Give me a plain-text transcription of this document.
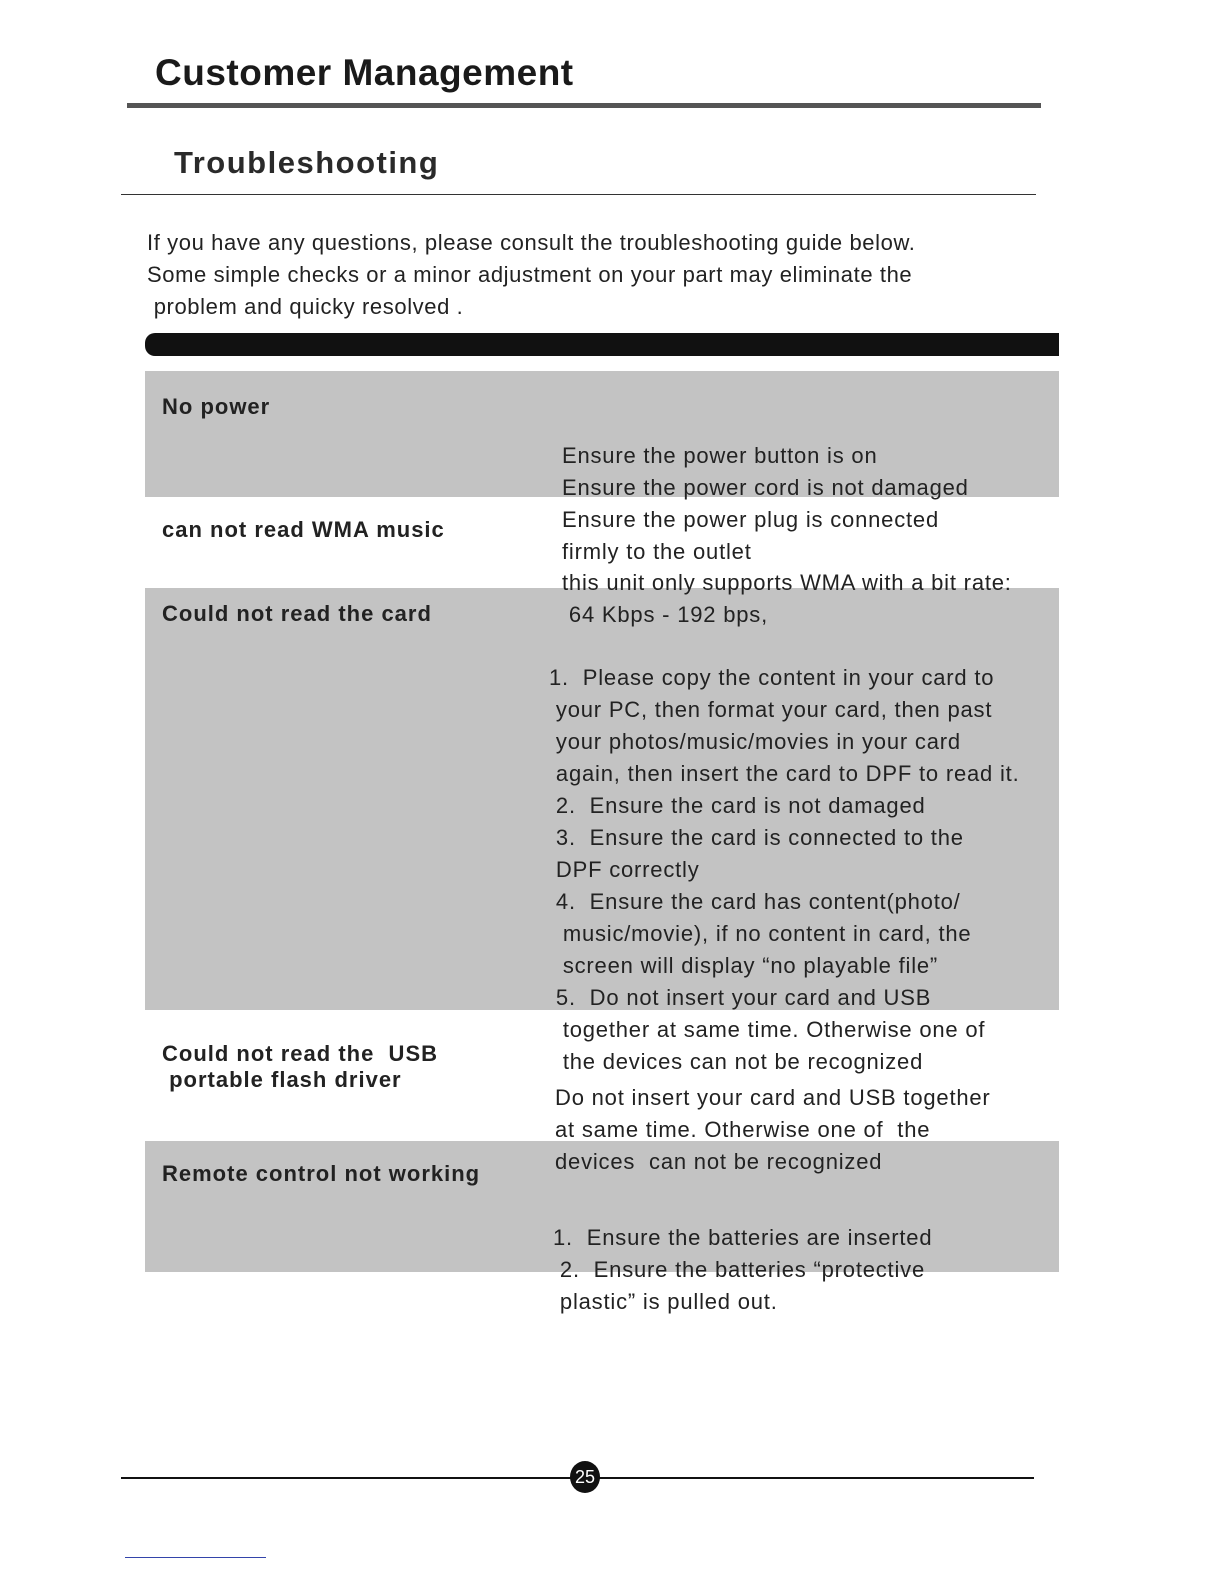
Customer Management
Troubleshooting
If you have any questions, please consult the troubleshooting guide below.
Some simple checks or a minor adjustment on your part may eliminate the
problem and quicky resolved .
No power

Ensure the power button is on
Ensure the power cord is not damaged
Ensure the power plug is connected
firmly to the outlet

can not read WMA music

this unit only supports WMA with a bit rate:
64 Kbps - 192 bps,

Could not read the card

1.  Please copy the content in your card to
your PC, then format your card, then past
your photos/music/movies in your card
again, then insert the card to DPF to read it.
2.  Ensure the card is not damaged
3.  Ensure the card is connected to the
DPF correctly
4.  Ensure the card has content(photo/
music/movie), if no content in card, the
screen will display “no playable file”
5.  Do not insert your card and USB
together at same time. Otherwise one of
the devices can not be recognized

Could not read the  USB
portable flash driver

Do not insert your card and USB together
at same time. Otherwise one of  the
devices  can not be recognized

Remote control not working

1.  Ensure the batteries are inserted
2.  Ensure the batteries “protective
plastic” is pulled out.

25
